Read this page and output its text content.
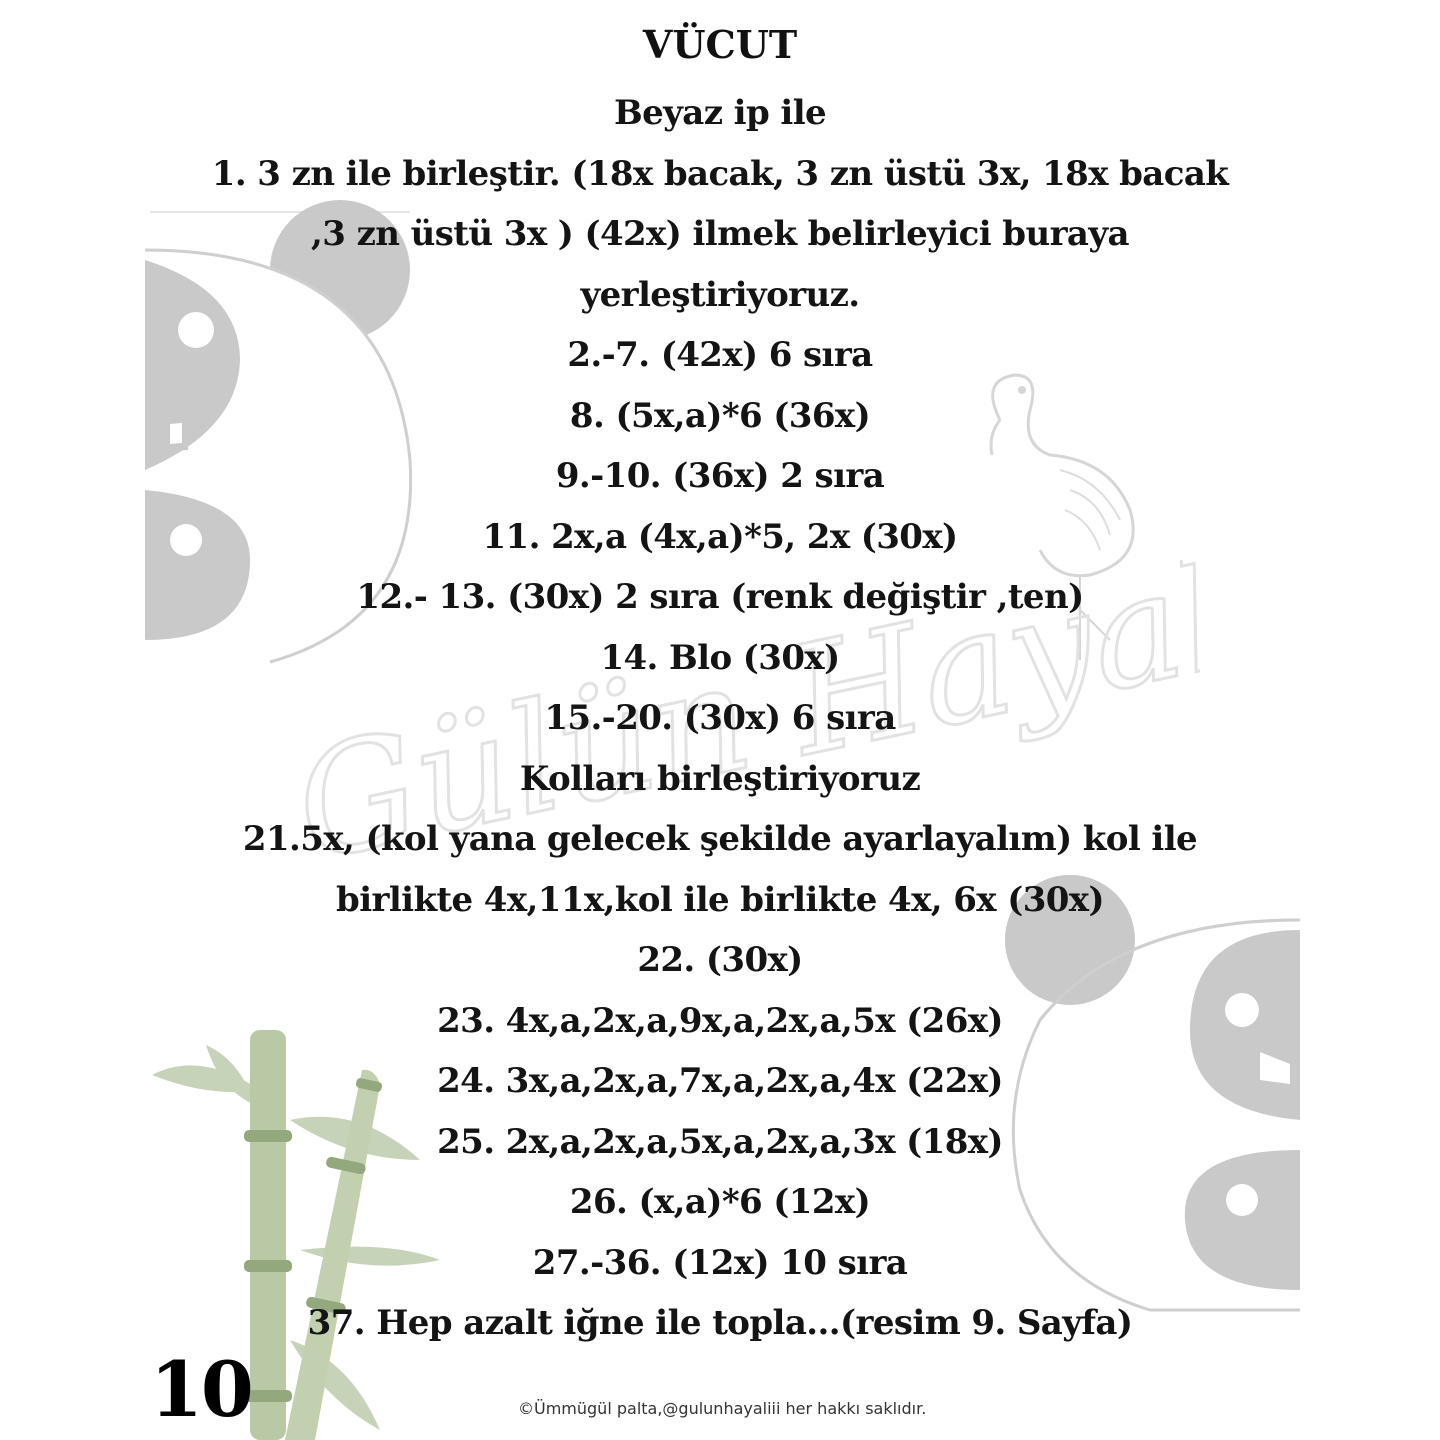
Gülün Hayalii
VÜCUT
Beyaz ip ile
1. 3 zn ile birleştir. (18x bacak, 3 zn üstü 3x, 18x bacak
,3 zn üstü 3x ) (42x) ilmek belirleyici buraya
yerleştiriyoruz.
2.-7. (42x) 6 sıra
8. (5x,a)*6 (36x)
9.-10. (36x) 2 sıra
11. 2x,a (4x,a)*5, 2x (30x)
12.- 13. (30x) 2 sıra (renk değiştir ,ten)
14. Blo (30x)
15.-20. (30x) 6 sıra
Kolları birleştiriyoruz
21.5x, (kol yana gelecek şekilde ayarlayalım) kol ile
birlikte 4x,11x,kol ile birlikte 4x, 6x (30x)
22. (30x)
23. 4x,a,2x,a,9x,a,2x,a,5x (26x)
24. 3x,a,2x,a,7x,a,2x,a,4x (22x)
25. 2x,a,2x,a,5x,a,2x,a,3x (18x)
26. (x,a)*6 (12x)
27.-36. (12x) 10 sıra
37. Hep azalt iğne ile topla...(resim 9. Sayfa)
10	©Ümmügül palta,@gulunhayaliii her hakkı saklıdır.
